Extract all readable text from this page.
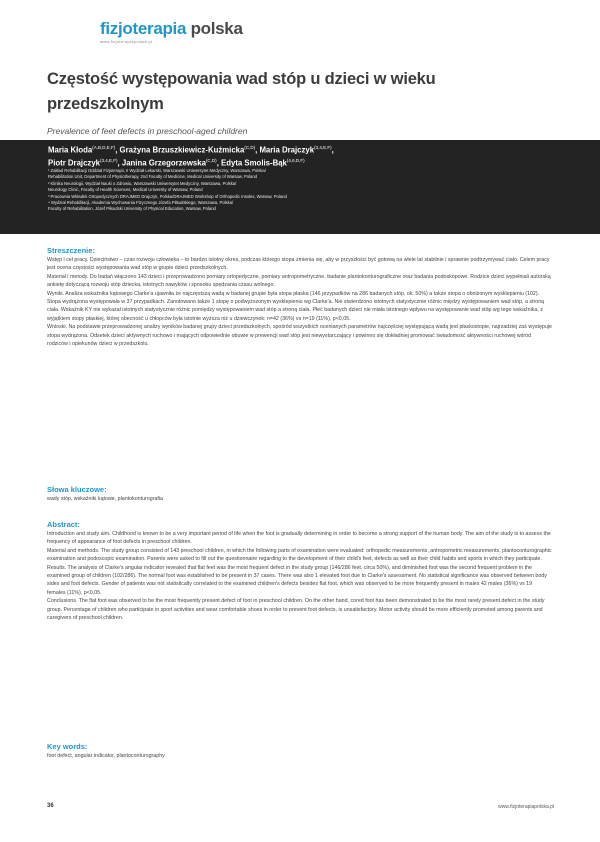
fizjoterapia polska
www.fizjoterapiapolska.pl
Częstość występowania wad stóp u dzieci w wieku przedszkolnym
Prevalence of feet defects in preschool-aged children
Maria Kłoda$^{(A,B,D,E,F)}$, Grażyna Brzuszkiewicz-Kuźmicka$^{(C,D)}$, Maria Drajczyk$^{(3,4,E,F)}$,
Piotr Drajczyk$^{(3,4,E,F)}$, Janina Grzegorzewska$^{(C,D)}$, Edyta Smolis-Bąk$^{(4,6,D,F)}$
¹ Zakład Rehabilitacji Oddział Fizjoterapii, II Wydział Lekarski, Warszawski Uniwersytet Medyczny, Warszawa, Polska/
Rehabilitation Unit, Department of Physiotherapy, 2nd Faculty of Medicine, Medical University of Warsaw, Poland
² Klinika Neurologii, Wydział Nauki o Zdrowiu, Warszawski Uniwersytet Medyczny, Warszawa, Polska/
Neurology Clinic, Faculty of Health Sciences, Medical University of Warsaw, Poland
³ Pracownia Wkładek Ortopedycznych DRAJMED Drajczyk, Polska/DRAJMED Workshop of Orthopedic Insoles, Warsaw, Poland
⁴ Wydział Rehabilitacji, Akademia Wychowania Fizycznego Józefa Piłsudskiego, Warszawa, Polska/
Faculty of Rehabilitation, Józef Piłsudski University of Physical Education, Warsaw, Poland
Streszczenie:

Wstęp i cel pracy. Dzieciństwo – czas rozwoju człowieka – to bardzo istotny okres, podczas którego stopa zmienia się, aby w przyszłości być gotową na wiele lat stabilnie i sprawnie podtrzymywać ciało. Celem pracy jest ocena częstości występowania wad stóp w grupie dzieci przedszkolnych.

Materiał i metody. Do badań włączono 143 dzieci i przeprowadzono pomiary ortopedyczne, pomiary antropometryczne, badanie plantokonturograficzne oraz badania podoskopowe. Rodzice dzieci wypełniali autorską ankietę dotyczącą rozwoju stóp dziecka, istotnych nawyków i sposobu spędzania czasu wolnego.

Wyniki. Analiza wskaźnika kątowego Clarke'a ujawniła że najczęstszą wadą w badanej grupie była stopa płaska (146 przypadków na 286 badanych stóp, ok. 50%) a także stopa o obniżonym wysklepieniu (102). Stopa wydrążona występowała w 37 przypadkach. Zanotowano także 1 stopę o podwyższonym wysklepieniu wg Clarke'a. Nie stwierdzono istotnych statystycznie różnic między występowaniem wad stóp, a stroną ciała. Wskaźnik KY nie wykazał istotnych statystycznie różnic pomiędzy występowaniem wad stóp a stroną ciała. Płeć badanych dzieci nie miała istotnego wpływu na występowanie wad stóp wg tego wskaźnika, z wyjątkiem stopy płaskiej, której obecność u chłopców była istotnie wyższa niż u dziewczynek: n=42 (36%) vs n=19 (11%), p<0,05.

Wnioski. Na podstawie przeprowadzonej analizy wyników badanej grupy dzieci przedszkolnych, spośród wszystkich ocenianych parametrów najczęściej występującą wadą jest płaskostopie, najrzadziej zaś występuje stopa wydrążona. Odsetek dzieci aktywnych ruchowo i mających odpowiednie obuwie w prewencji wad stóp jest niewystarczający i powinno się dokładniej promować świadomość aktywności ruchowej wśród rodziców i opiekunów dzieci w przedszkolu.

Słowa kluczowe:
wady stóp, wskaźniki kątowe, plantokonturografia
Abstract:

Introduction and study aim. Childhood is known to be a very important period of life when the foot is gradually determining in order to become a strong support of the human body. The aim of the study is to assess the frequency of appearance of foot defects in preschool children.

Material and methods. The study group consisted of 143 preschool children, in which the following parts of examination were evaluated: orthopedic measurements, antropometric measurements, plantoconturographic examination and podoscopic examination. Parents were asked to fill out the questionnaire regarding to the development of their child's feet, defects as well as their child habits and sports in which they participate.

Results. The analysis of Clarke's angular indicator revealed that flat feet was the most frequent defect in the study group (146/286 feet, circa 50%), and diminished foot was the second frequent problem in the examined group of children (102/286). The normal foot was established to be present in 37 cases. There was also 1 elevated foot due to Clarke's assessment. No statistical significance was observed between body sides and foot defects. Gender of patients was not statistically correlated to the examined children's defects besides flat foot, which was observed to be more frequently present in males 42 males (36%) vs 19 females (11%), p<0,05.

Conclusions. The flat foot was observed to be the most frequently present defect of foot in preschool children. On the other hand, cored foot has been demonstrated to be the most rarely present defect in the study group. Percentage of children who participate in sport activities and wear comfortable shoes in order to prevent foot defects, is unsatisfactory. Motor activity should be more efficiently promoted among parents and caregivers of preschool children.

Key words:
foot defect, angular indicator, plantoconturography
36	www.fizjoterapiapolska.pl
